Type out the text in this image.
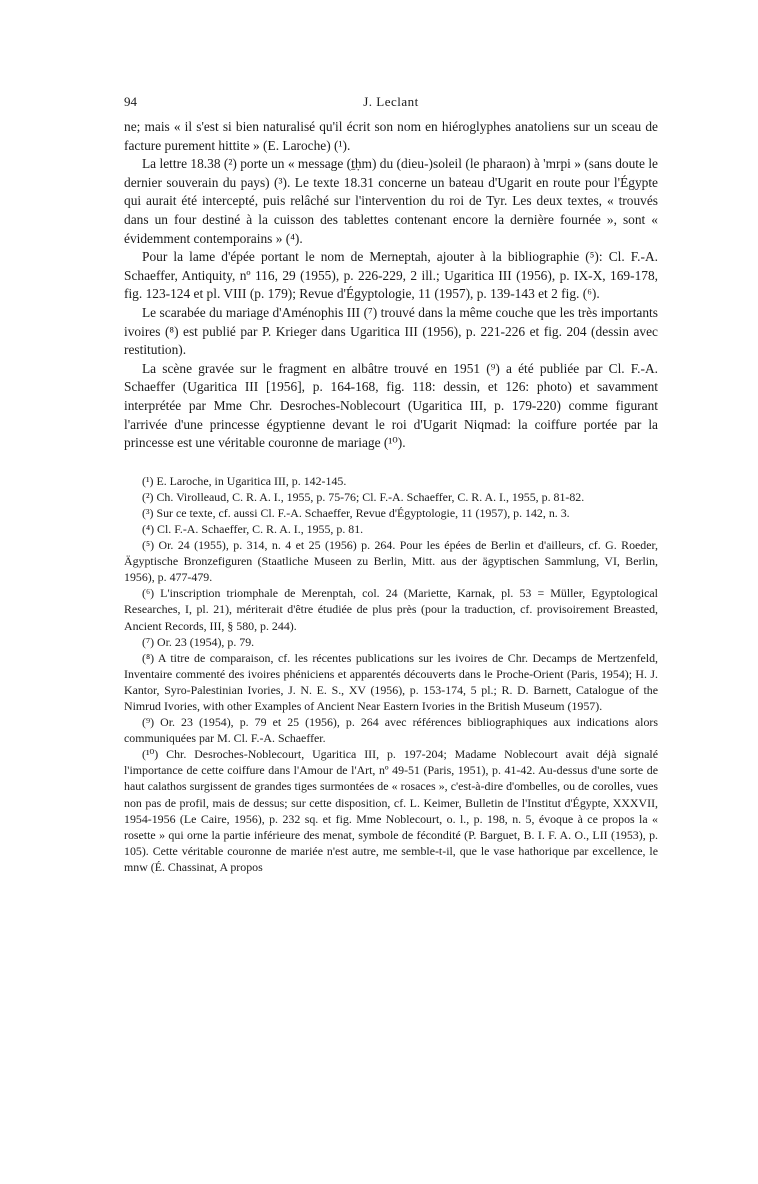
94	J. Leclant

ne; mais « il s'est si bien naturalisé qu'il écrit son nom en hiéroglyphes anatoliens sur un sceau de facture purement hittite » (E. Laroche) (¹).

La lettre 18.38 (²) porte un « message (ṯḥm) du (dieu-)soleil (le pharaon) à 'mrpi » (sans doute le dernier souverain du pays) (³). Le texte 18.31 concerne un bateau d'Ugarit en route pour l'Égypte qui aurait été intercepté, puis relâché sur l'intervention du roi de Tyr. Les deux textes, « trouvés dans un four destiné à la cuisson des tablettes contenant encore la dernière fournée », sont « évidemment contemporains » (⁴).

Pour la lame d'épée portant le nom de Merneptah, ajouter à la bibliographie (⁵): Cl. F.-A. Schaeffer, Antiquity, nº 116, 29 (1955), p. 226-229, 2 ill.; Ugaritica III (1956), p. IX-X, 169-178, fig. 123-124 et pl. VIII (p. 179); Revue d'Égyptologie, 11 (1957), p. 139-143 et 2 fig. (⁶).

Le scarabée du mariage d'Aménophis III (⁷) trouvé dans la même couche que les très importants ivoires (⁸) est publié par P. Krieger dans Ugaritica III (1956), p. 221-226 et fig. 204 (dessin avec restitution).

La scène gravée sur le fragment en albâtre trouvé en 1951 (⁹) a été publiée par Cl. F.-A. Schaeffer (Ugaritica III [1956], p. 164-168, fig. 118: dessin, et 126: photo) et savamment interprétée par Mme Chr. Desroches-Noblecourt (Ugaritica III, p. 179-220) comme figurant l'arrivée d'une princesse égyptienne devant le roi d'Ugarit Niqmad: la coiffure portée par la princesse est une véritable couronne de mariage (¹⁰).

(¹) E. Laroche, in Ugaritica III, p. 142-145.

(²) Ch. Virolleaud, C. R. A. I., 1955, p. 75-76; Cl. F.-A. Schaeffer, C. R. A. I., 1955, p. 81-82.

(³) Sur ce texte, cf. aussi Cl. F.-A. Schaeffer, Revue d'Égyptologie, 11 (1957), p. 142, n. 3.

(⁴) Cl. F.-A. Schaeffer, C. R. A. I., 1955, p. 81.

(⁵) Or. 24 (1955), p. 314, n. 4 et 25 (1956) p. 264. Pour les épées de Berlin et d'ailleurs, cf. G. Roeder, Ägyptische Bronzefiguren (Staatliche Museen zu Berlin, Mitt. aus der ägyptischen Sammlung, VI, Berlin, 1956), p. 477-479.

(⁶) L'inscription triomphale de Merenptah, col. 24 (Mariette, Karnak, pl. 53 = Müller, Egyptological Researches, I, pl. 21), mériterait d'être étudiée de plus près (pour la traduction, cf. provisoirement Breasted, Ancient Records, III, § 580, p. 244).

(⁷) Or. 23 (1954), p. 79.

(⁸) A titre de comparaison, cf. les récentes publications sur les ivoires de Chr. Decamps de Mertzenfeld, Inventaire commenté des ivoires phéniciens et apparentés découverts dans le Proche-Orient (Paris, 1954); H. J. Kantor, Syro-Palestinian Ivories, J. N. E. S., XV (1956), p. 153-174, 5 pl.; R. D. Barnett, Catalogue of the Nimrud Ivories, with other Examples of Ancient Near Eastern Ivories in the British Museum (1957).

(⁹) Or. 23 (1954), p. 79 et 25 (1956), p. 264 avec références bibliographiques aux indications alors communiquées par M. Cl. F.-A. Schaeffer.

(¹⁰) Chr. Desroches-Noblecourt, Ugaritica III, p. 197-204; Madame Noblecourt avait déjà signalé l'importance de cette coiffure dans l'Amour de l'Art, nº 49-51 (Paris, 1951), p. 41-42. Au-dessus d'une sorte de haut calathos surgissent de grandes tiges surmontées de « rosaces », c'est-à-dire d'ombelles, ou de corolles, vues non pas de profil, mais de dessus; sur cette disposition, cf. L. Keimer, Bulletin de l'Institut d'Égypte, XXXVII, 1954-1956 (Le Caire, 1956), p. 232 sq. et fig. Mme Noblecourt, o. l., p. 198, n. 5, évoque à ce propos la « rosette » qui orne la partie inférieure des menat, symbole de fécondité (P. Barguet, B. I. F. A. O., LII (1953), p. 105). Cette véritable couronne de mariée n'est autre, me semble-t-il, que le vase hathorique par excellence, le mnw (É. Chassinat, A propos
